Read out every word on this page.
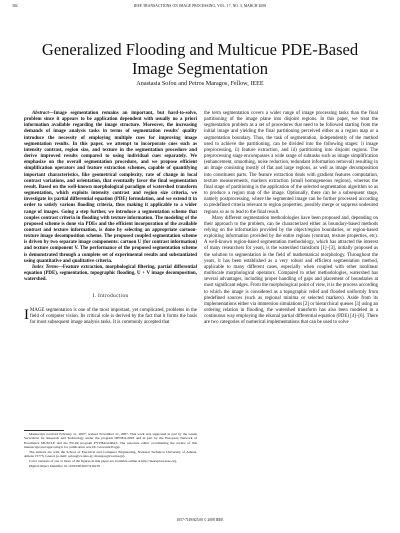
384	IEEE TRANSACTIONS ON IMAGE PROCESSING, VOL. 17, NO. 3, MARCH 2008
Generalized Flooding and Multicue PDE-Based Image Segmentation
Anastasia Sofou and Petros Maragos, Fellow, IEEE

Abstract—Image segmentation remains an important, but hard-to-solve, problem since it appears to be application dependent with usually no a priori information available regarding the image structure. Moreover, the increasing demands of image analysis tasks in terms of segmentation results' quality introduce the necessity of employing multiple cues for improving image segmentation results. In this paper, we attempt to incorporate cues such as intensity contrast, region size, and texture in the segmentation procedure and derive improved results compared to using individual cues separately. We emphasize on the overall segmentation procedure, and we propose efficient simplification operators and feature extraction schemes, capable of quantifying important characteristics, like geometrical complexity, rate of change in local contrast variations, and orientation, that eventually favor the final segmentation result. Based on the well-known morphological paradigm of watershed transform segmentation, which exploits intensity contrast and region size criteria, we investigate its partial differential equation (PDE) formulation, and we extend it in order to satisfy various flooding criteria, thus making it applicable to a wider range of images. Going a step further, we introduce a segmentation scheme that couples contrast criteria in flooding with texture information. The modeling of the proposed scheme is done via PDEs and the efficient incorporation of the available contrast and texture information, is done by selecting an appropriate cartoon-texture image decomposition scheme. The proposed coupled segmentation scheme is driven by two separate image components: cartoon U (for contrast information) and texture component V. The performance of the proposed segmentation scheme is demonstrated through a complete set of experimental results and substantiated using quantitative and qualitative criteria.

Index Terms—Feature extraction, morphological filtering, partial differential equation (PDE), segmentation, topographic flooding, U + V image decomposition, watershed.

I. Introduction

IMAGE segmentation is one of the most important, yet complicated, problems in the field of computer vision. Its critical role is derived by the fact that it forms the basis for most subsequent image analysis tasks. It is commonly accepted that

Manuscript received February 11, 2007; revised November 21, 2007. This work was supported in part by the Greek Secretariat for Research and Technology under the program ΠΕΝΕΔ-2003 and in part by the European Network of Excellence MUSCLE and the EU-IR program PYTHAGORAS. The associate editor coordinating the review of this manuscript and approving it for publication was Dr. Giovanni Poggi.

The authors are with the School of Electrical and Computer Engineering, National Technical University of Athens, Athens 15773, Greece (e-mail: sofou@cs.ntua.gr; maragos@cs.ntua.gr).

Color versions of one or more of the figures in this paper are available online at http://ieeexplore.ieee.org.

Digital Object Identifier 10.1109/TIP.2007.916156

the term segmentation covers a wider range of image processing tasks than the final partitioning of the image plane into disjoint regions. In this paper, we treat the segmentation problem as a set of procedures that need to be followed starting from the initial image and yielding the final partitioning perceived either as a region map or a segmentation boundary. Thus, the task of segmentation, independently of the method used to achieve the partitioning, can be divided into the following stages: i) image preprocessing, ii) feature extraction, and iii) partitioning into disjoint regions. The preprocessing stage encompasses a wide range of subtasks such as image simplification (enhancement, smoothing, noise reduction, redundant information removal) resulting in an image consisting mostly of flat and large regions, as well as image decomposition into constituent parts. The feature extraction deals with gradient features computation, texture measurements, markers extraction (small homogeneous regions), whereas the final stage of partitioning is the application of the selected segmentation algorithm so as to produce a region map of the image. Optionally, there can be a subsequent stage, namely postprocessing, where the segmented image can be further processed according to predefined criteria relevant to region properties, possibly merge or suppress undesired regions so as to lead to the final result.

Many different segmentation methodologies have been proposed and, depending on their approach to the problem, can be characterized either as boundary-based methods relying on the information provided by the object/region boundaries, or region-based exploiting information provided by the entire regions (contrast, texture properties, etc). A well-known region-based segmentation methodology, which has attracted the interest of many researchers for years, is the watershed transform [1]–[3], initially proposed as the solution to segmentation in the field of mathematical morphology. Throughout the years, it has been established as a very robust and efficient segmentation method, applicable to many different cases, especially when coupled with other nonlinear multiscale morphological operators. Compared to other methodologies, watershed has several advantages, including proper handling of gaps and placement of boundaries at most significant edges. From the morphological point of view, it is the process according to which the image is considered as a topographic relief and flooded uniformly from predefined sources (such as regional minima or selected markers). Aside from its implementations either via immersion simulations [2] or hierarchical queues [3] using an ordering relation in flooding, the watershed transform has also been modeled in a continuous way employing the eikonal partial differential equation (PDE) [4]–[6]. There are two categories of numerical implementations that can be used to solve

1057-7149/$25.00 © 2008 IEEE
